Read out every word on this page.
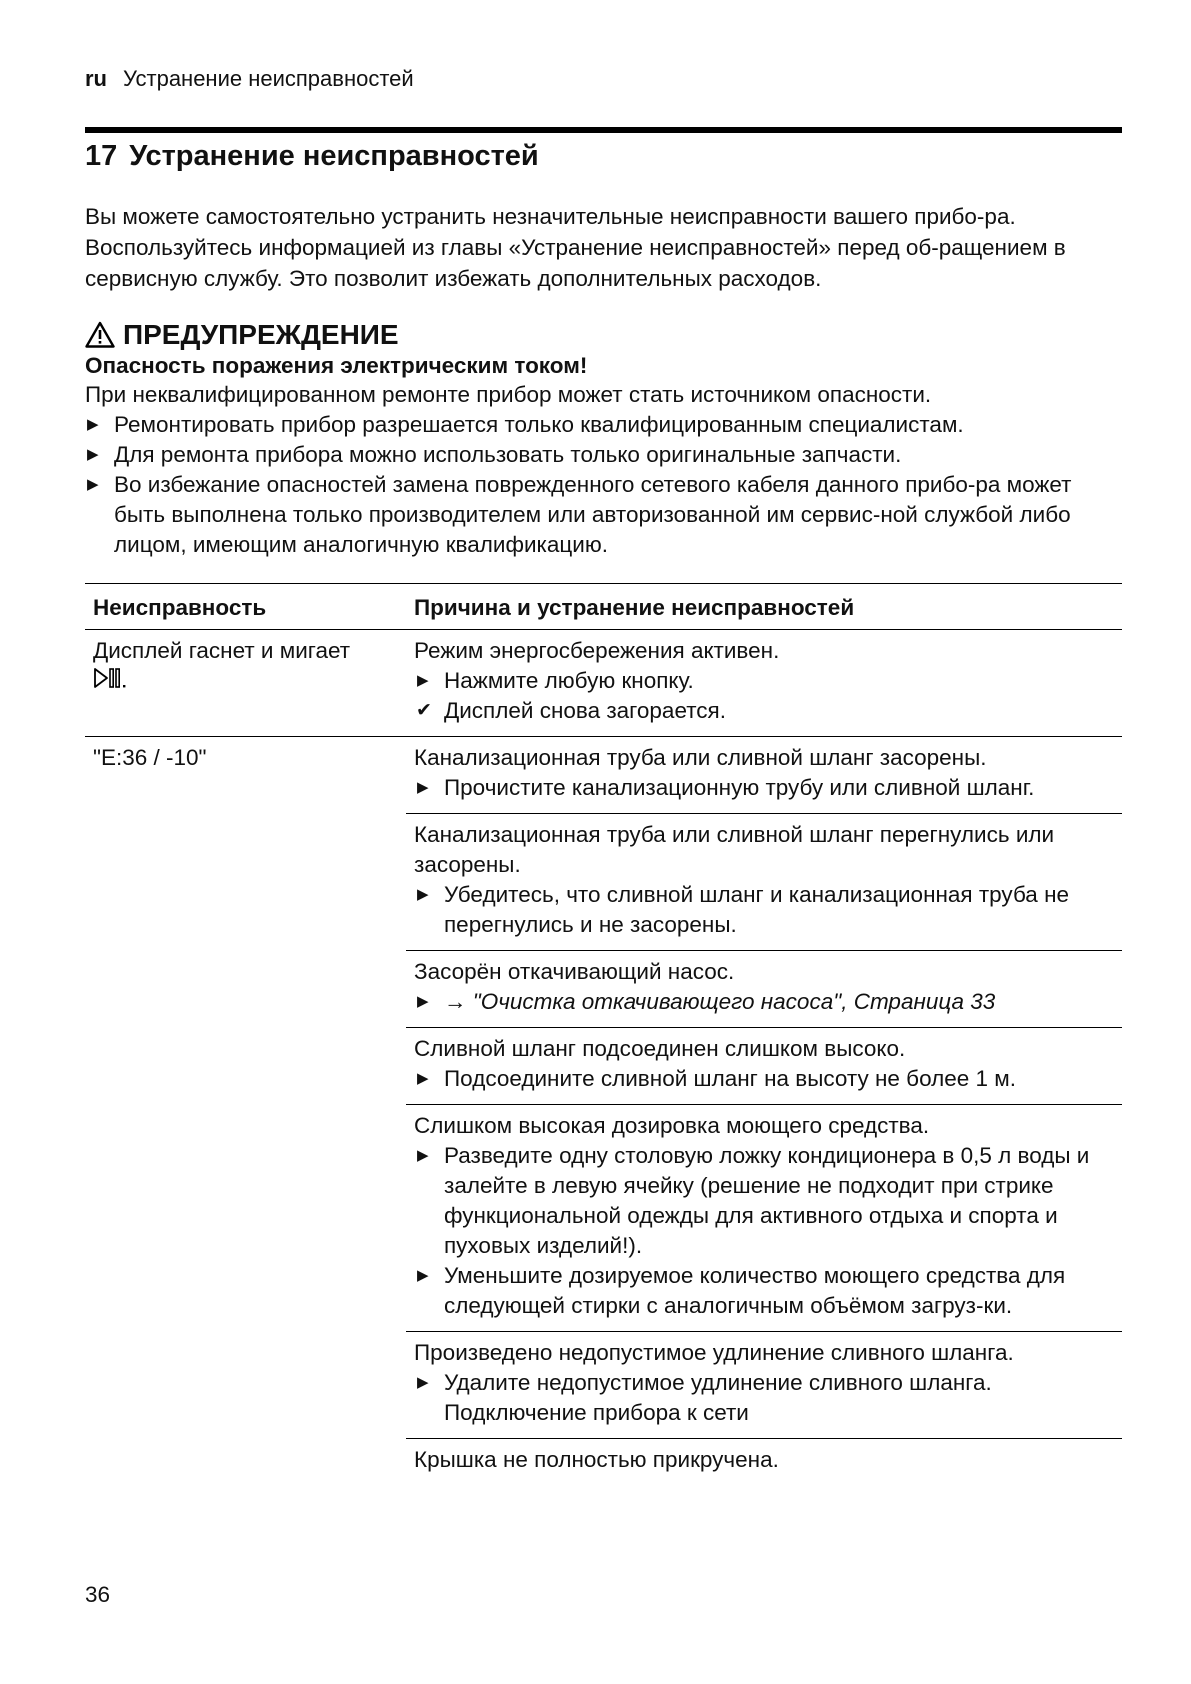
ru Устранение неисправностей
17 Устранение неисправностей

Вы можете самостоятельно устранить незначительные неисправности вашего прибо-ра. Воспользуйтесь информацией из главы «Устранение неисправностей» перед об-ращением в сервисную службу. Это позволит избежать дополнительных расходов.

ПРЕДУПРЕЖДЕНИЕ
Опасность поражения электрическим током!
При неквалифицированном ремонте прибор может стать источником опасности.
▶ Ремонтировать прибор разрешается только квалифицированным специалистам.
▶ Для ремонта прибора можно использовать только оригинальные запчасти.
▶ Во избежание опасностей замена поврежденного сетевого кабеля данного прибо-ра может быть выполнена только производителем или авторизованной им сервис-ной службой либо лицом, имеющим аналогичную квалификацию.
Неисправность	Причина и устранение неисправностей

Дисплей гаснет и мигает	Режим энергосбережения активен.
▶ Нажмите любую кнопку.
✔ Дисплей снова загорается.

"E:36 / -10"	Канализационная труба или сливной шланг засорены.
▶ Прочистите канализационную трубу или сливной шланг.

	Канализационная труба или сливной шланг перегнулись или засорены.
▶ Убедитесь, что сливной шланг и канализационная труба не перегнулись и не засорены.

	Засорён откачивающий насос.
▶ → "Очистка откачивающего насоса", Страница 33

	Сливной шланг подсоединен слишком высоко.
▶ Подсоедините сливной шланг на высоту не более 1 м.

	Слишком высокая дозировка моющего средства.
▶ Разведите одну столовую ложку кондиционера в 0,5 л воды и залейте в левую ячейку (решение не подходит при стрике функциональной одежды для активного отдыха и спорта и пуховых изделий!).
▶ Уменьшите дозируемое количество моющего средства для следующей стирки с аналогичным объёмом загруз-ки.

	Произведено недопустимое удлинение сливного шланга.
▶ Удалите недопустимое удлинение сливного шланга. Подключение прибора к сети

	Крышка не полностью прикручена.
36
